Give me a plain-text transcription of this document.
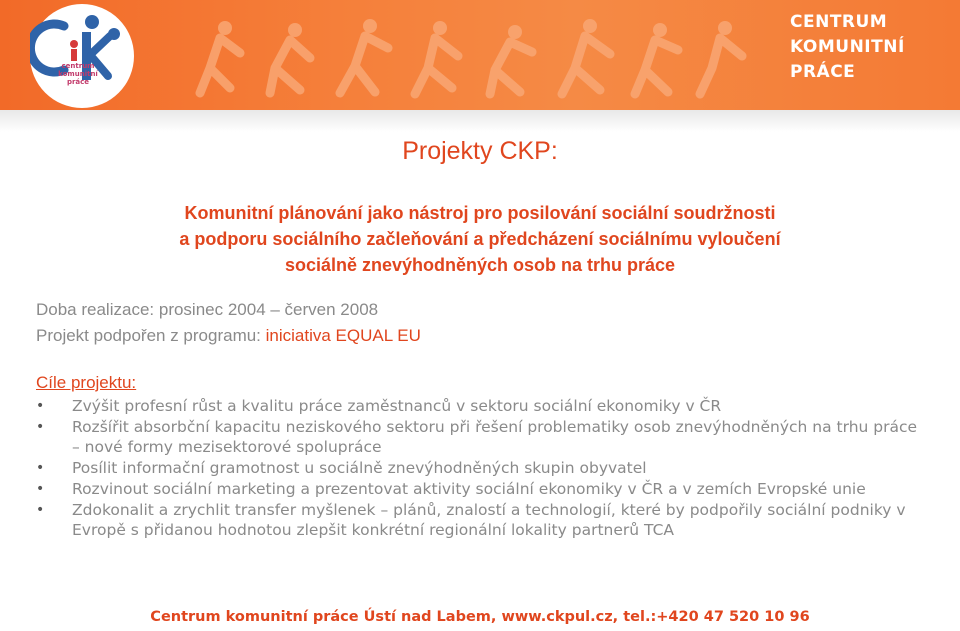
centrum
komunitní
práce
CENTRUM
KOMUNITNÍ
PRÁCE
Projekty CKP:
Komunitní plánování jako nástroj pro posilování sociální soudržnosti
a podporu sociálního začleňování a předcházení sociálnímu vyloučení
sociálně znevýhodněných osob na trhu práce
Doba realizace: prosinec 2004 – červen 2008
Projekt podpořen z programu: iniciativa EQUAL EU
Cíle projektu:
• Zvýšit profesní růst a kvalitu práce zaměstnanců v sektoru sociální ekonomiky v ČR
• Rozšířit absorbční kapacitu neziskového sektoru při řešení problematiky osob znevýhodněných na trhu práce – nové formy mezisektorové spolupráce
• Posílit informační gramotnost u sociálně znevýhodněných skupin obyvatel
• Rozvinout sociální marketing a prezentovat aktivity sociální ekonomiky v ČR a v zemích Evropské unie
• Zdokonalit a zrychlit transfer myšlenek – plánů, znalostí a technologií, které by podpořily sociální podniky v Evropě s přidanou hodnotou zlepšit konkrétní regionální lokality partnerů TCA
Centrum komunitní práce Ústí nad Labem, www.ckpul.cz, tel.:+420 47 520 10 96
